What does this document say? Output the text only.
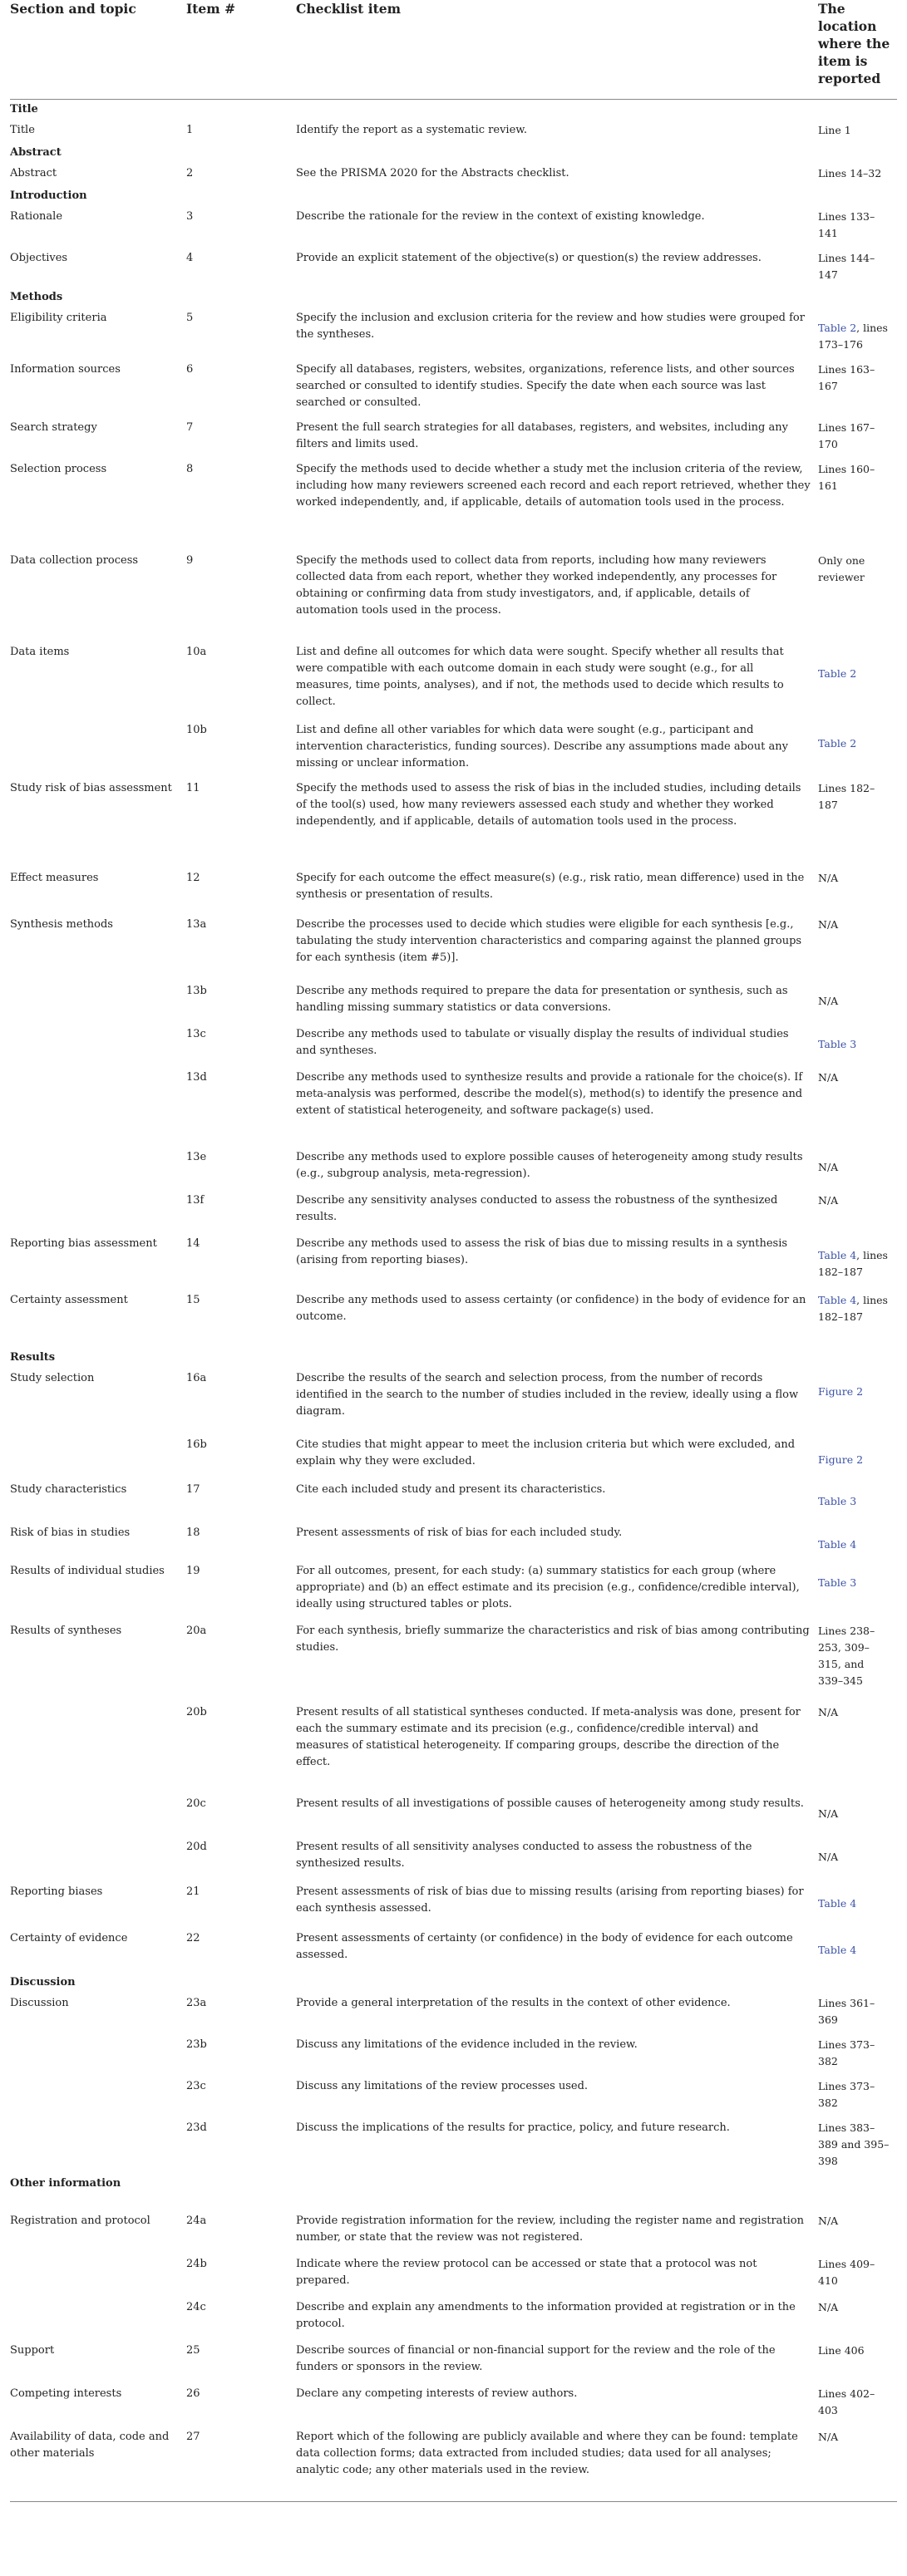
Section and topic	Item #	Checklist item	The location where the item is reported
Title			
Title	1	Identify the report as a systematic review.	Line 1
Abstract			
Abstract	2	See the PRISMA 2020 for the Abstracts checklist.	Lines 14–32
Introduction			
Rationale	3	Describe the rationale for the review in the context of existing knowledge.	Lines 133–141
Objectives	4	Provide an explicit statement of the objective(s) or question(s) the review addresses.	Lines 144–147
Methods			
Eligibility criteria	5	Specify the inclusion and exclusion criteria for the review and how studies were grouped for the syntheses.	Table 2, lines 173–176
Information sources	6	Specify all databases, registers, websites, organizations, reference lists, and other sources searched or consulted to identify studies. Specify the date when each source was last searched or consulted.	Lines 163–167
Search strategy	7	Present the full search strategies for all databases, registers, and websites, including any filters and limits used.	Lines 167–170
Selection process	8	Specify the methods used to decide whether a study met the inclusion criteria of the review, including how many reviewers screened each record and each report retrieved, whether they worked independently, and, if applicable, details of automation tools used in the process.	Lines 160–161
Data collection process	9	Specify the methods used to collect data from reports, including how many reviewers collected data from each report, whether they worked independently, any processes for obtaining or confirming data from study investigators, and, if applicable, details of automation tools used in the process.	Only one reviewer
Data items	10a	List and define all outcomes for which data were sought. Specify whether all results that were compatible with each outcome domain in each study were sought (e.g., for all measures, time points, analyses), and if not, the methods used to decide which results to collect.	Table 2
	10b	List and define all other variables for which data were sought (e.g., participant and intervention characteristics, funding sources). Describe any assumptions made about any missing or unclear information.	Table 2
Study risk of bias assessment	11	Specify the methods used to assess the risk of bias in the included studies, including details of the tool(s) used, how many reviewers assessed each study and whether they worked independently, and if applicable, details of automation tools used in the process.	Lines 182–187
Effect measures	12	Specify for each outcome the effect measure(s) (e.g., risk ratio, mean difference) used in the synthesis or presentation of results.	N/A
Synthesis methods	13a	Describe the processes used to decide which studies were eligible for each synthesis [e.g., tabulating the study intervention characteristics and comparing against the planned groups for each synthesis (item #5)].	N/A
	13b	Describe any methods required to prepare the data for presentation or synthesis, such as handling missing summary statistics or data conversions.	N/A
	13c	Describe any methods used to tabulate or visually display the results of individual studies and syntheses.	Table 3
	13d	Describe any methods used to synthesize results and provide a rationale for the choice(s). If meta-analysis was performed, describe the model(s), method(s) to identify the presence and extent of statistical heterogeneity, and software package(s) used.	N/A
	13e	Describe any methods used to explore possible causes of heterogeneity among study results (e.g., subgroup analysis, meta-regression).	N/A
	13f	Describe any sensitivity analyses conducted to assess the robustness of the synthesized results.	N/A
Reporting bias assessment	14	Describe any methods used to assess the risk of bias due to missing results in a synthesis (arising from reporting biases).	Table 4, lines 182–187
Certainty assessment	15	Describe any methods used to assess certainty (or confidence) in the body of evidence for an outcome.	Table 4, lines 182–187
Results			
Study selection	16a	Describe the results of the search and selection process, from the number of records identified in the search to the number of studies included in the review, ideally using a flow diagram.	Figure 2
	16b	Cite studies that might appear to meet the inclusion criteria but which were excluded, and explain why they were excluded.	Figure 2
Study characteristics	17	Cite each included study and present its characteristics.	Table 3
Risk of bias in studies	18	Present assessments of risk of bias for each included study.	Table 4
Results of individual studies	19	For all outcomes, present, for each study: (a) summary statistics for each group (where appropriate) and (b) an effect estimate and its precision (e.g., confidence/credible interval), ideally using structured tables or plots.	Table 3
Results of syntheses	20a	For each synthesis, briefly summarize the characteristics and risk of bias among contributing studies.	Lines 238–253, 309–315, and 339–345
	20b	Present results of all statistical syntheses conducted. If meta-analysis was done, present for each the summary estimate and its precision (e.g., confidence/credible interval) and measures of statistical heterogeneity. If comparing groups, describe the direction of the effect.	N/A
	20c	Present results of all investigations of possible causes of heterogeneity among study results.	N/A
	20d	Present results of all sensitivity analyses conducted to assess the robustness of the synthesized results.	N/A
Reporting biases	21	Present assessments of risk of bias due to missing results (arising from reporting biases) for each synthesis assessed.	Table 4
Certainty of evidence	22	Present assessments of certainty (or confidence) in the body of evidence for each outcome assessed.	Table 4
Discussion			
Discussion	23a	Provide a general interpretation of the results in the context of other evidence.	Lines 361–369
	23b	Discuss any limitations of the evidence included in the review.	Lines 373–382
	23c	Discuss any limitations of the review processes used.	Lines 373–382
	23d	Discuss the implications of the results for practice, policy, and future research.	Lines 383–389 and 395–398
Other information			
Registration and protocol	24a	Provide registration information for the review, including the register name and registration number, or state that the review was not registered.	N/A
	24b	Indicate where the review protocol can be accessed or state that a protocol was not prepared.	Lines 409–410
	24c	Describe and explain any amendments to the information provided at registration or in the protocol.	N/A
Support	25	Describe sources of financial or non-financial support for the review and the role of the funders or sponsors in the review.	Line 406
Competing interests	26	Declare any competing interests of review authors.	Lines 402–403
Availability of data, code and other materials	27	Report which of the following are publicly available and where they can be found: template data collection forms; data extracted from included studies; data used for all analyses; analytic code; any other materials used in the review.	N/A
